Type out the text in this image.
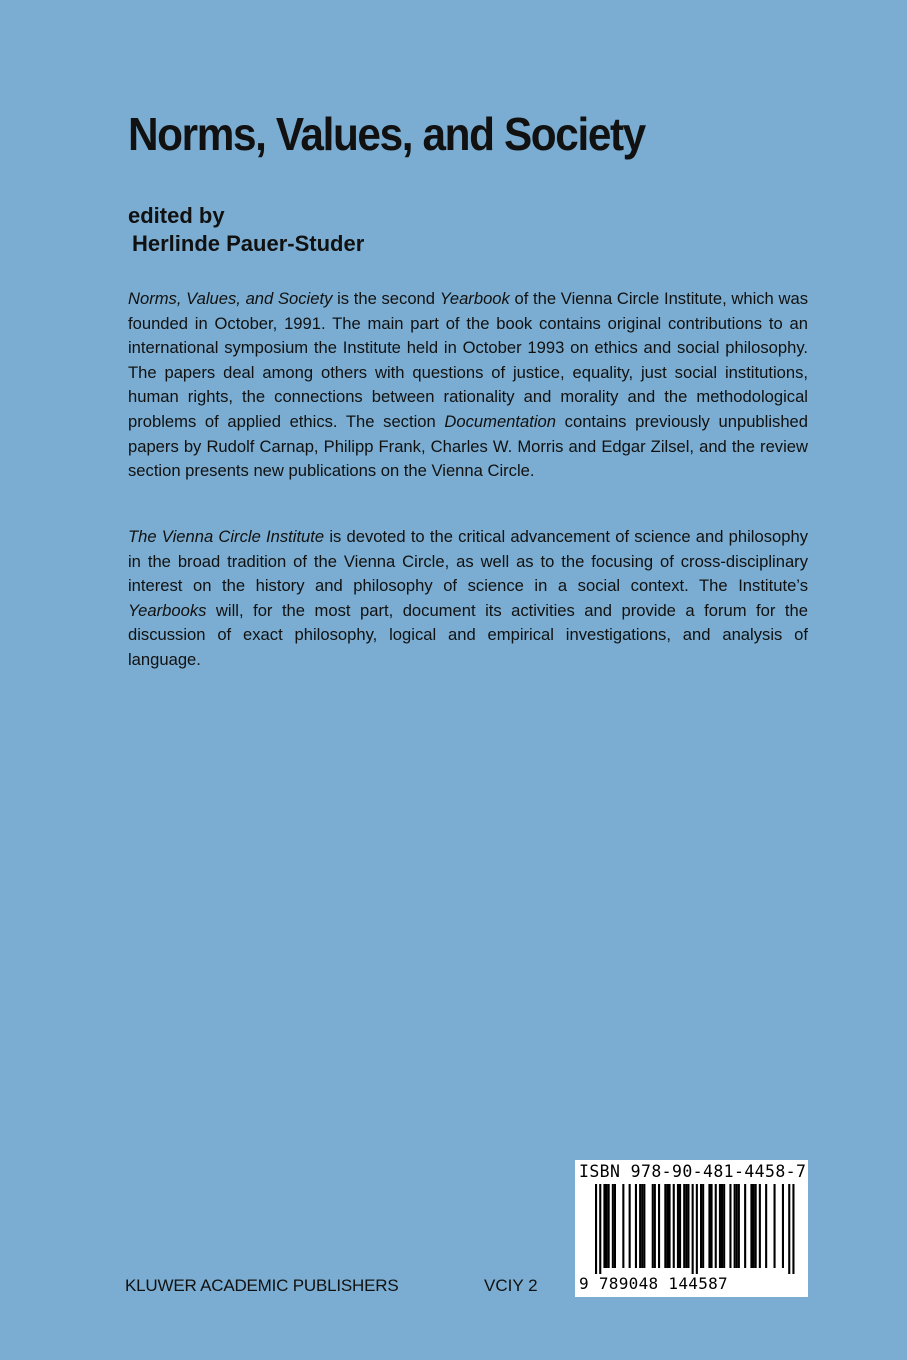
Norms, Values, and Society
edited by
Herlinde Pauer-Studer

Norms, Values, and Society is the second Yearbook of the Vienna Circle Institute, which was founded in October, 1991. The main part of the book contains original contributions to an international symposium the Institute held in October 1993 on ethics and social philosophy. The papers deal among others with questions of justice, equality, just social institutions, human rights, the connections between rationality and morality and the methodological problems of applied ethics. The section Documentation contains previously unpublished papers by Rudolf Carnap, Philipp Frank, Charles W. Morris and Edgar Zilsel, and the review section presents new publications on the Vienna Circle.

The Vienna Circle Institute is devoted to the critical advancement of science and philosophy in the broad tradition of the Vienna Circle, as well as to the focusing of cross-disciplinary interest on the history and philosophy of science in a social context. The Institute’s Yearbooks will, for the most part, document its activities and provide a forum for the discussion of exact philosophy, logical and empirical investigations, and analysis of language.

KLUWER ACADEMIC PUBLISHERS	VCIY 2
ISBN 978-90-481-4458-7
9 789048 144587
